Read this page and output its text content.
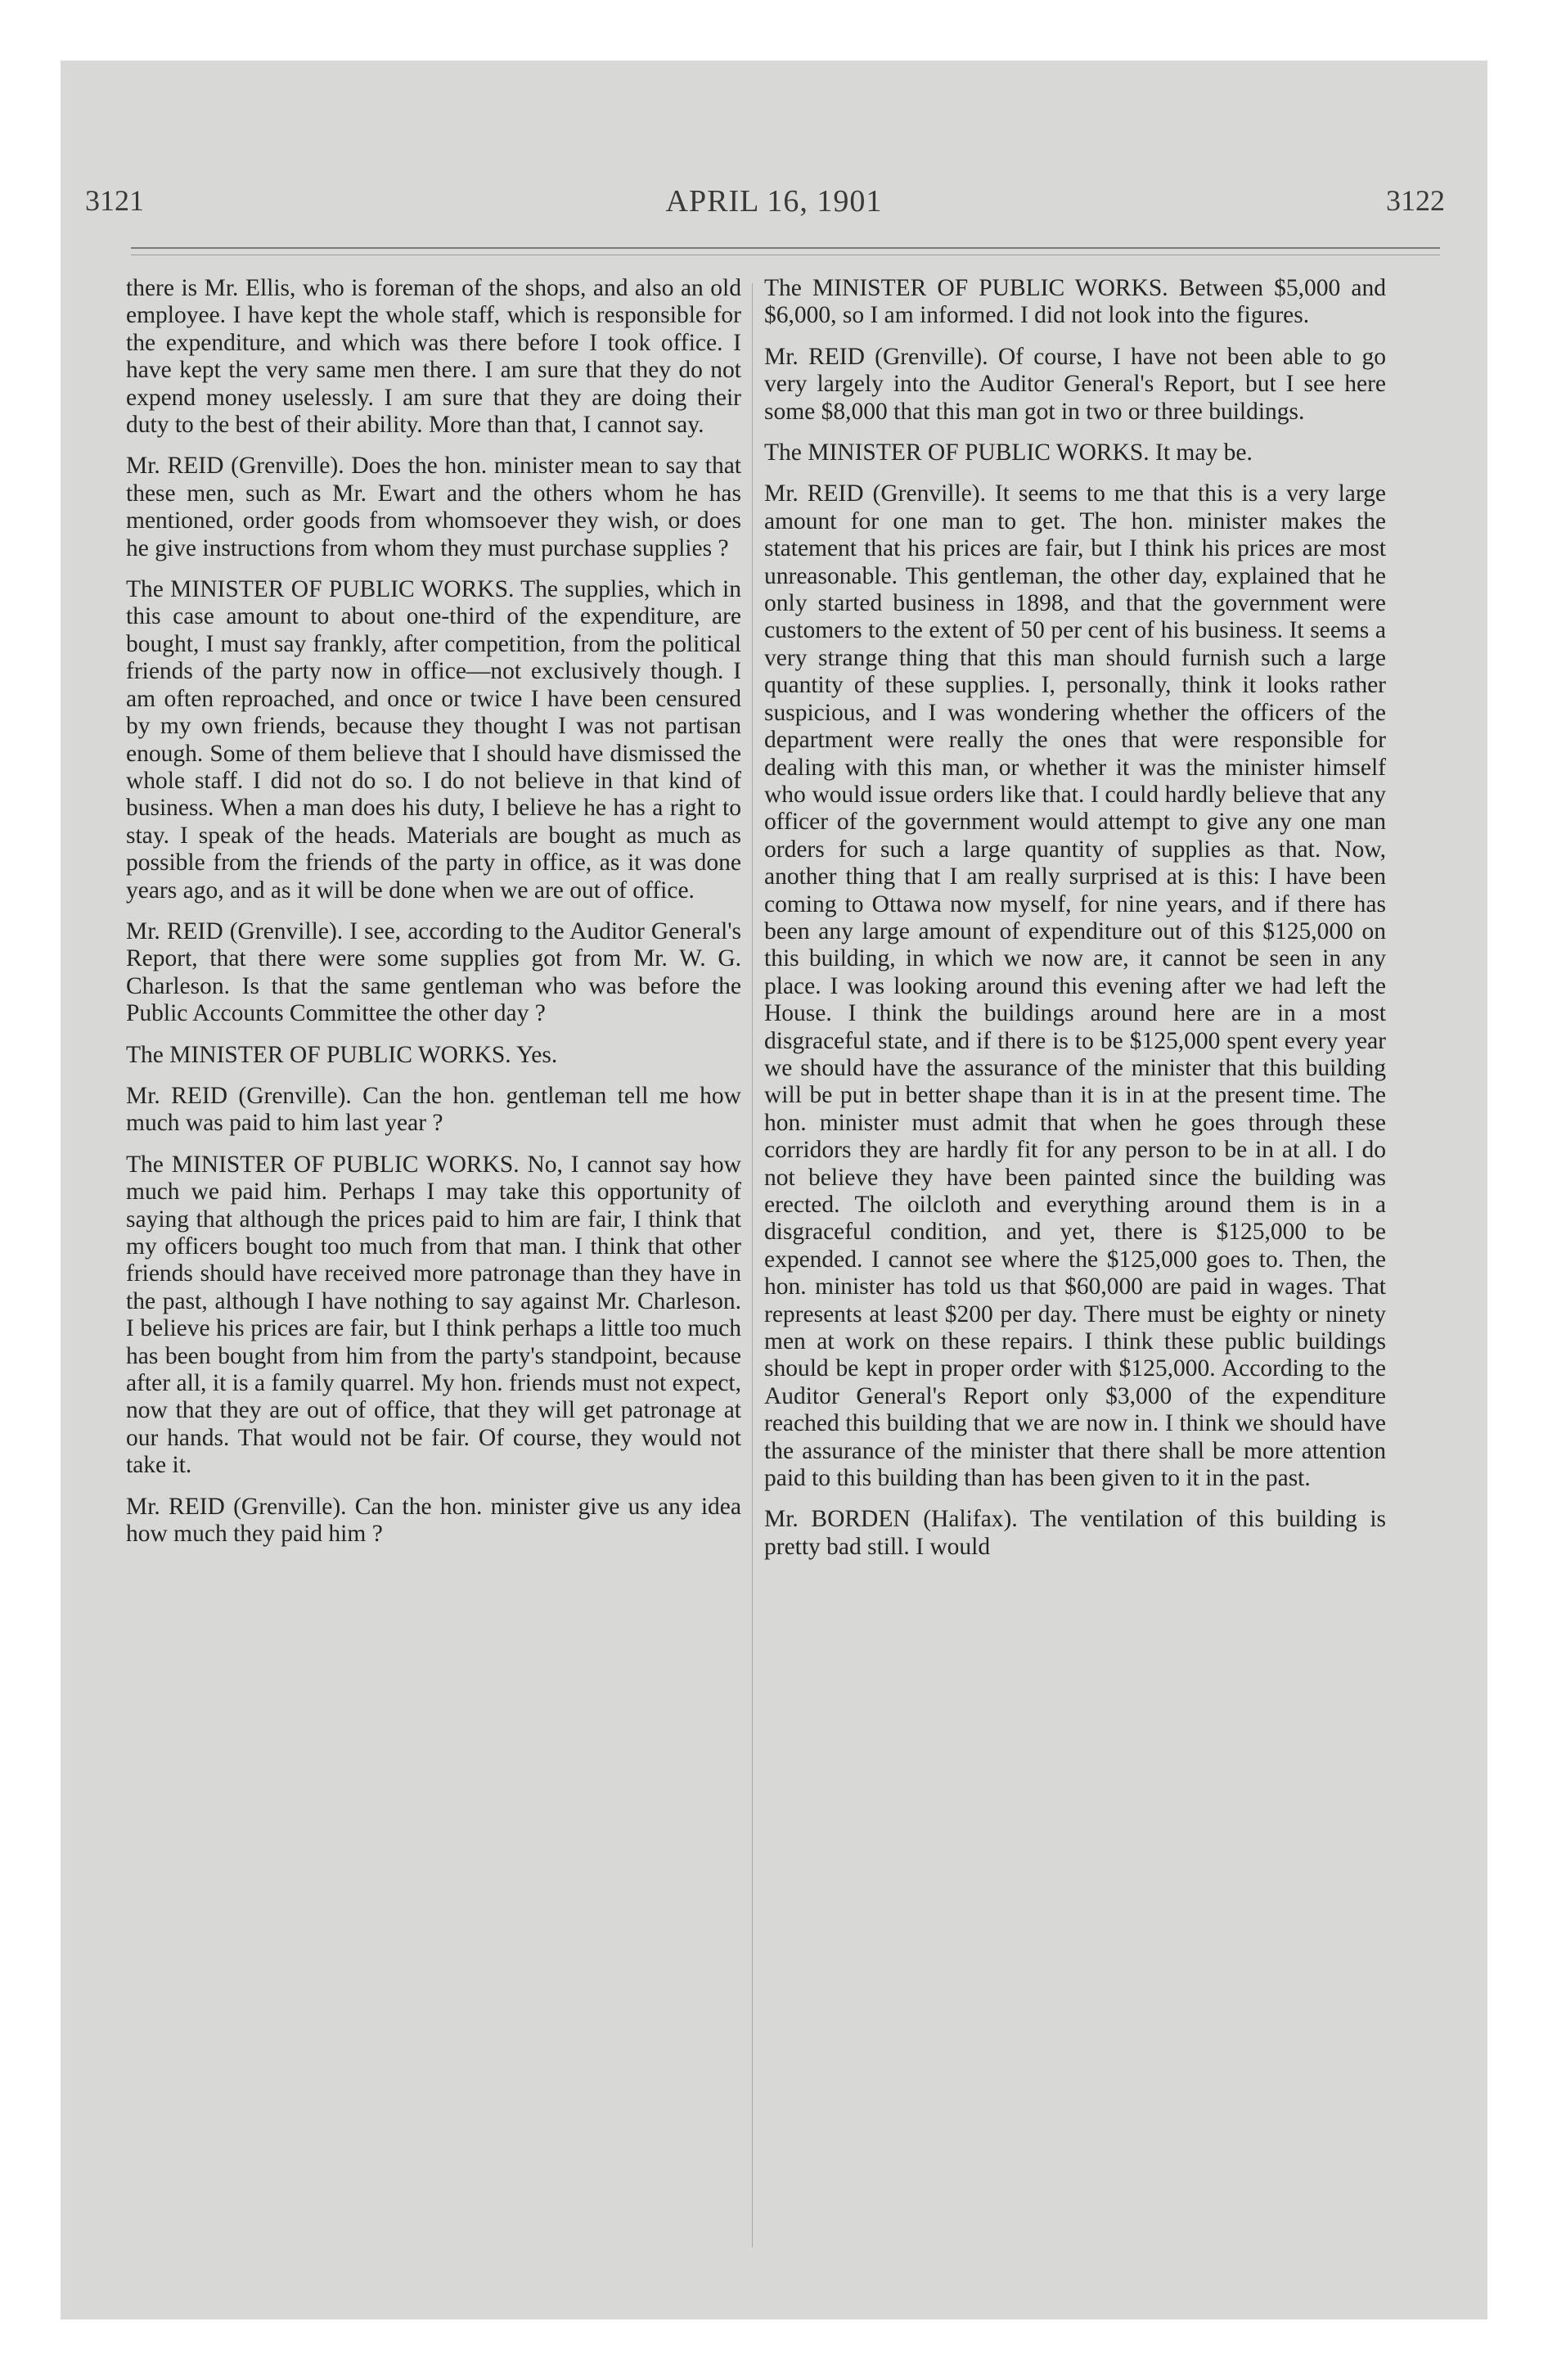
3121	APRIL 16, 1901	3122

there is Mr. Ellis, who is foreman of the shops, and also an old employee. I have kept the whole staff, which is responsible for the expenditure, and which was there before I took office. I have kept the very same men there. I am sure that they do not expend money uselessly. I am sure that they are doing their duty to the best of their ability. More than that, I cannot say.

Mr. REID (Grenville). Does the hon. minister mean to say that these men, such as Mr. Ewart and the others whom he has mentioned, order goods from whomsoever they wish, or does he give instructions from whom they must purchase supplies ?

The MINISTER OF PUBLIC WORKS. The supplies, which in this case amount to about one-third of the expenditure, are bought, I must say frankly, after competition, from the political friends of the party now in office—not exclusively though. I am often reproached, and once or twice I have been censured by my own friends, because they thought I was not partisan enough. Some of them believe that I should have dismissed the whole staff. I did not do so. I do not believe in that kind of business. When a man does his duty, I believe he has a right to stay. I speak of the heads. Materials are bought as much as possible from the friends of the party in office, as it was done years ago, and as it will be done when we are out of office.

Mr. REID (Grenville). I see, according to the Auditor General's Report, that there were some supplies got from Mr. W. G. Charleson. Is that the same gentleman who was before the Public Accounts Committee the other day ?

The MINISTER OF PUBLIC WORKS. Yes.

Mr. REID (Grenville). Can the hon. gentleman tell me how much was paid to him last year ?

The MINISTER OF PUBLIC WORKS. No, I cannot say how much we paid him. Perhaps I may take this opportunity of saying that although the prices paid to him are fair, I think that my officers bought too much from that man. I think that other friends should have received more patronage than they have in the past, although I have nothing to say against Mr. Charleson. I believe his prices are fair, but I think perhaps a little too much has been bought from him from the party's standpoint, because after all, it is a family quarrel. My hon. friends must not expect, now that they are out of office, that they will get patronage at our hands. That would not be fair. Of course, they would not take it.

Mr. REID (Grenville). Can the hon. minister give us any idea how much they paid him ?

The MINISTER OF PUBLIC WORKS. Between $5,000 and $6,000, so I am informed. I did not look into the figures.

Mr. REID (Grenville). Of course, I have not been able to go very largely into the Auditor General's Report, but I see here some $8,000 that this man got in two or three buildings.

The MINISTER OF PUBLIC WORKS. It may be.

Mr. REID (Grenville). It seems to me that this is a very large amount for one man to get. The hon. minister makes the statement that his prices are fair, but I think his prices are most unreasonable. This gentleman, the other day, explained that he only started business in 1898, and that the government were customers to the extent of 50 per cent of his business. It seems a very strange thing that this man should furnish such a large quantity of these supplies. I, personally, think it looks rather suspicious, and I was wondering whether the officers of the department were really the ones that were responsible for dealing with this man, or whether it was the minister himself who would issue orders like that. I could hardly believe that any officer of the government would attempt to give any one man orders for such a large quantity of supplies as that. Now, another thing that I am really surprised at is this: I have been coming to Ottawa now myself, for nine years, and if there has been any large amount of expenditure out of this $125,000 on this building, in which we now are, it cannot be seen in any place. I was looking around this evening after we had left the House. I think the buildings around here are in a most disgraceful state, and if there is to be $125,000 spent every year we should have the assurance of the minister that this building will be put in better shape than it is in at the present time. The hon. minister must admit that when he goes through these corridors they are hardly fit for any person to be in at all. I do not believe they have been painted since the building was erected. The oilcloth and everything around them is in a disgraceful condition, and yet, there is $125,000 to be expended. I cannot see where the $125,000 goes to. Then, the hon. minister has told us that $60,000 are paid in wages. That represents at least $200 per day. There must be eighty or ninety men at work on these repairs. I think these public buildings should be kept in proper order with $125,000. According to the Auditor General's Report only $3,000 of the expenditure reached this building that we are now in. I think we should have the assurance of the minister that there shall be more attention paid to this building than has been given to it in the past.

Mr. BORDEN (Halifax). The ventilation of this building is pretty bad still. I would
